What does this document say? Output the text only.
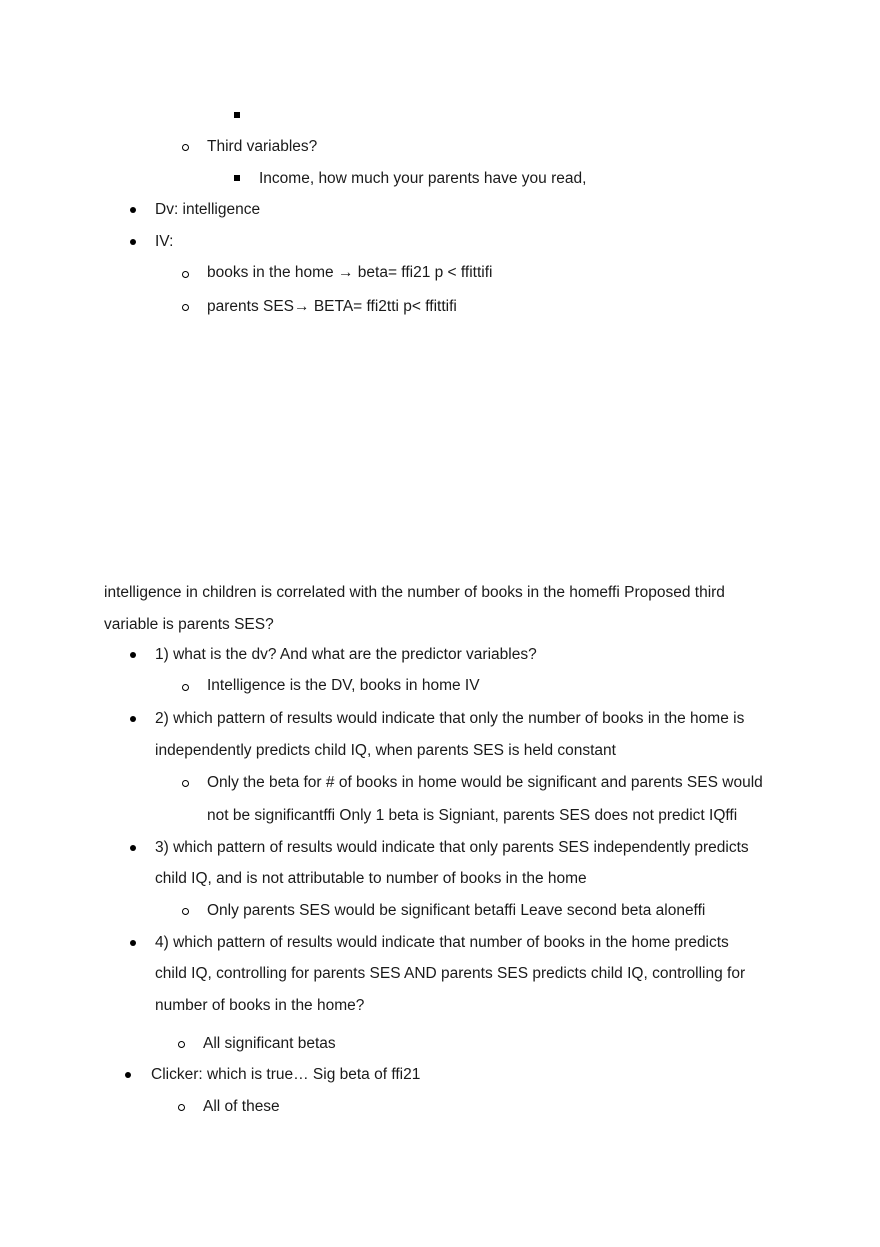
Third variables?
Income, how much your parents have you read,
Dv: intelligence
IV:
books in the home → beta= ffi21 p < ffittifi
parents SES→ BETA= ffi2tti p< ffittifi
intelligence in children is correlated with the number of books in the homeffi Proposed third
variable is parents SES?
1) what is the dv? And what are the predictor variables?
Intelligence is the DV, books in home IV
2) which pattern of results would indicate that only the number of books in the home is
independently predicts child IQ, when parents SES is held constant
Only the beta for # of books in home would be significant and parents SES would
not be significantffi Only 1 beta is Signiant, parents SES does not predict IQffi
3) which pattern of results would indicate that only parents SES independently predicts
child IQ, and is not attributable to number of books in the home
Only parents SES would be significant betaffi Leave second beta aloneffi
4) which pattern of results would indicate that number of books in the home predicts
child IQ, controlling for parents SES AND parents SES predicts child IQ, controlling for
number of books in the home?
All significant betas
Clicker: which is true… Sig beta of ffi21
All of these
